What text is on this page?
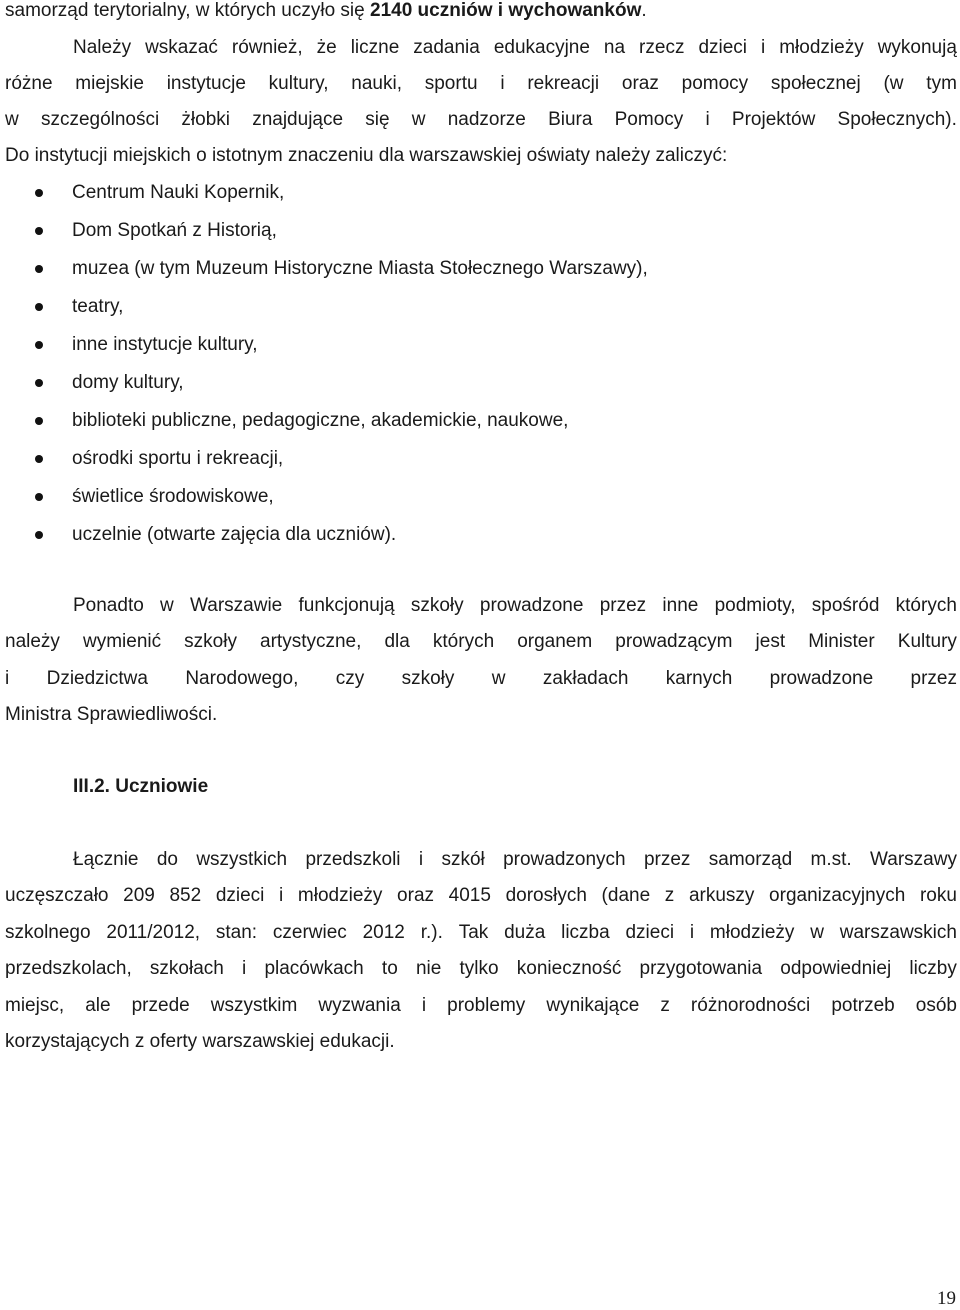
samorząd terytorialny, w których uczyło się 2140 uczniów i wychowanków.
Należy wskazać również, że liczne zadania edukacyjne na rzecz dzieci i młodzieży wykonują
różne miejskie instytucje kultury, nauki, sportu i rekreacji oraz pomocy społecznej (w tym
w szczególności żłobki znajdujące się w nadzorze Biura Pomocy i Projektów Społecznych).
Do instytucji miejskich o istotnym znaczeniu dla warszawskiej oświaty należy zaliczyć:
Centrum Nauki Kopernik,
Dom Spotkań z Historią,
muzea (w tym Muzeum Historyczne Miasta Stołecznego Warszawy),
teatry,
inne instytucje kultury,
domy kultury,
biblioteki publiczne, pedagogiczne, akademickie, naukowe,
ośrodki sportu i rekreacji,
świetlice środowiskowe,
uczelnie (otwarte zajęcia dla uczniów).
Ponadto w Warszawie funkcjonują szkoły prowadzone przez inne podmioty, spośród których
należy wymienić szkoły artystyczne, dla których organem prowadzącym jest Minister Kultury
i Dziedzictwa Narodowego, czy szkoły w zakładach karnych prowadzone przez
Ministra Sprawiedliwości.
III.2. Uczniowie
Łącznie do wszystkich przedszkoli i szkół prowadzonych przez samorząd m.st. Warszawy
uczęszczało 209 852 dzieci i młodzieży oraz 4015 dorosłych (dane z arkuszy organizacyjnych roku
szkolnego 2011/2012, stan: czerwiec 2012 r.). Tak duża liczba dzieci i młodzieży w warszawskich
przedszkolach, szkołach i placówkach to nie tylko konieczność przygotowania odpowiedniej liczby
miejsc, ale przede wszystkim wyzwania i problemy wynikające z różnorodności potrzeb osób
korzystających z oferty warszawskiej edukacji.
19
